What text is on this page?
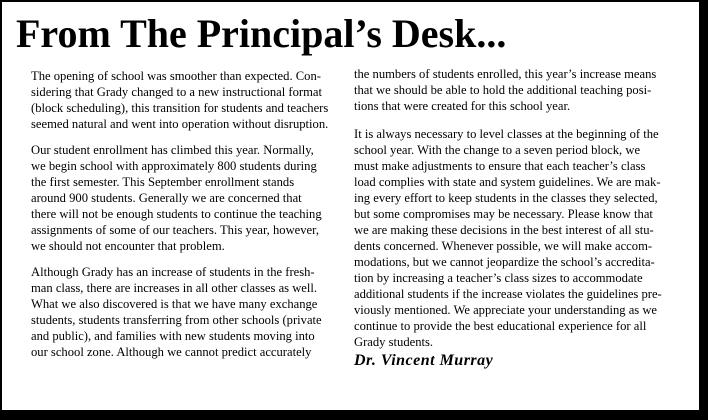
From The Principal’s Desk...
The opening of school was smoother than expected. Con-
sidering that Grady changed to a new instructional format
(block scheduling), this transition for students and teachers
seemed natural and went into operation without disruption.
Our student enrollment has climbed this year. Normally,
we begin school with approximately 800 students during
the first semester. This September enrollment stands
around 900 students. Generally we are concerned that
there will not be enough students to continue the teaching
assignments of some of our teachers. This year, however,
we should not encounter that problem.
Although Grady has an increase of students in the fresh-
man class, there are increases in all other classes as well.
What we also discovered is that we have many exchange
students, students transferring from other schools (private
and public), and families with new students moving into
our school zone. Although we cannot predict accurately
the numbers of students enrolled, this year’s increase means
that we should be able to hold the additional teaching posi-
tions that were created for this school year.
It is always necessary to level classes at the beginning of the
school year. With the change to a seven period block, we
must make adjustments to ensure that each teacher’s class
load complies with state and system guidelines. We are mak-
ing every effort to keep students in the classes they selected,
but some compromises may be necessary. Please know that
we are making these decisions in the best interest of all stu-
dents concerned. Whenever possible, we will make accom-
modations, but we cannot jeopardize the school’s accredita-
tion by increasing a teacher’s class sizes to accommodate
additional students if the increase violates the guidelines pre-
viously mentioned. We appreciate your understanding as we
continue to provide the best educational experience for all
Grady students.
Dr. Vincent Murray
